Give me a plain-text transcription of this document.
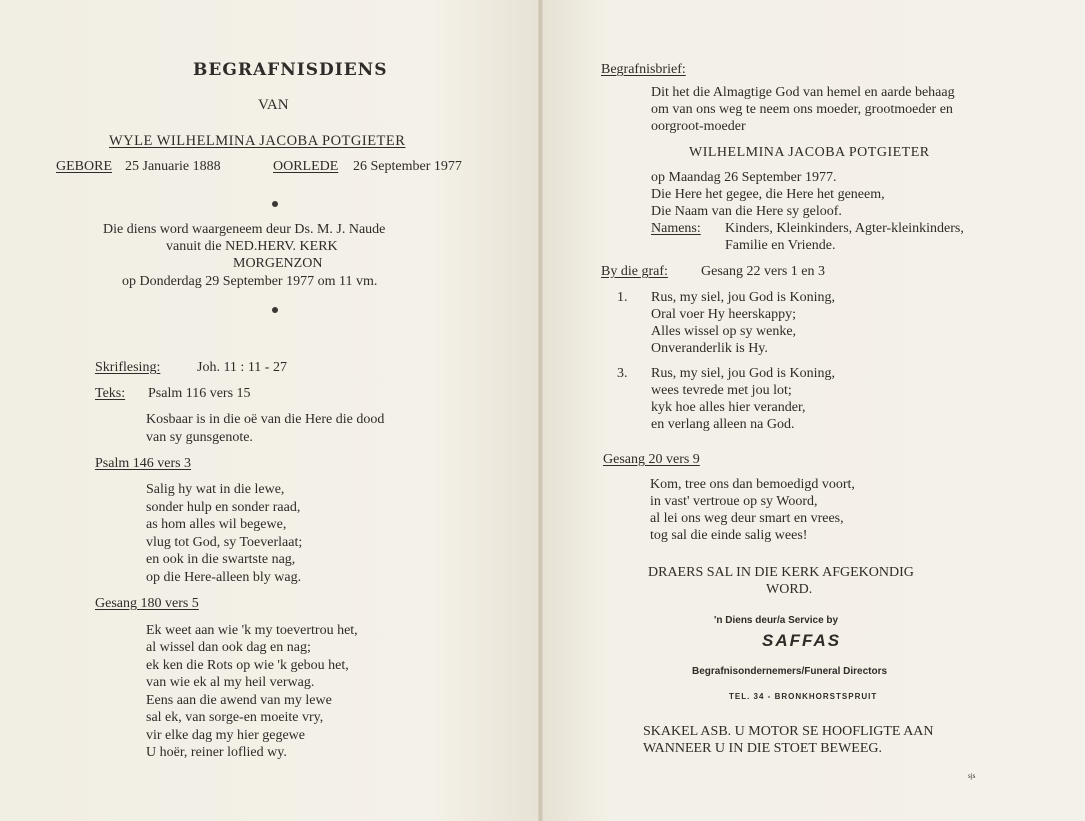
BEGRAFNISDIENS
VAN
WYLE WILHELMINA JACOBA POTGIETER
GEBORE 25 Januarie 1888	OORLEDE 26 September 1977
Die diens word waargeneem deur Ds. M. J. Naude
vanuit die NED.HERV. KERK
MORGENZON
op Donderdag 29 September 1977 om 11 vm.
Skriflesing:	Joh. 11 : 11 - 27
Teks: Psalm 116 vers 15
Kosbaar is in die oë van die Here die dood
van sy gunsgenote.
Psalm 146 vers 3
Salig hy wat in die lewe,
sonder hulp en sonder raad,
as hom alles wil begewe,
vlug tot God, sy Toeverlaat;
en ook in die swartste nag,
op die Here-alleen bly wag.
Gesang 180 vers 5
Ek weet aan wie 'k my toevertrou het,
al wissel dan ook dag en nag;
ek ken die Rots op wie 'k gebou het,
van wie ek al my heil verwag.
Eens aan die awend van my lewe
sal ek, van sorge-en moeite vry,
vir elke dag my hier gegewe
U hoër, reiner loflied wy.
Begrafnisbrief:
Dit het die Almagtige God van hemel en aarde behaag
om van ons weg te neem ons moeder, grootmoeder en
oorgroot-moeder
WILHELMINA JACOBA POTGIETER
op Maandag 26 September 1977.
Die Here het gegee, die Here het geneem,
Die Naam van die Here sy geloof.
Namens: Kinders, Kleinkinders, Agter-kleinkinders,
Familie en Vriende.
By die graf: Gesang 22 vers 1 en 3
1. Rus, my siel, jou God is Koning,
Oral voer Hy heerskappy;
Alles wissel op sy wenke,
Onveranderlik is Hy.
3. Rus, my siel, jou God is Koning,
wees tevrede met jou lot;
kyk hoe alles hier verander,
en verlang alleen na God.
Gesang 20 vers 9
Kom, tree ons dan bemoedigd voort,
in vast' vertroue op sy Woord,
al lei ons weg deur smart en vrees,
tog sal die einde salig wees!
DRAERS SAL IN DIE KERK AFGEKONDIG
WORD.
'n Diens deur/a Service by
SAFFAS
Begrafnisondernemers/Funeral Directors
TEL. 34 - BRONKHORSTSPRUIT
SKAKEL ASB. U MOTOR SE HOOFLIGTE AAN
WANNEER U IN DIE STOET BEWEEG.
sjs
